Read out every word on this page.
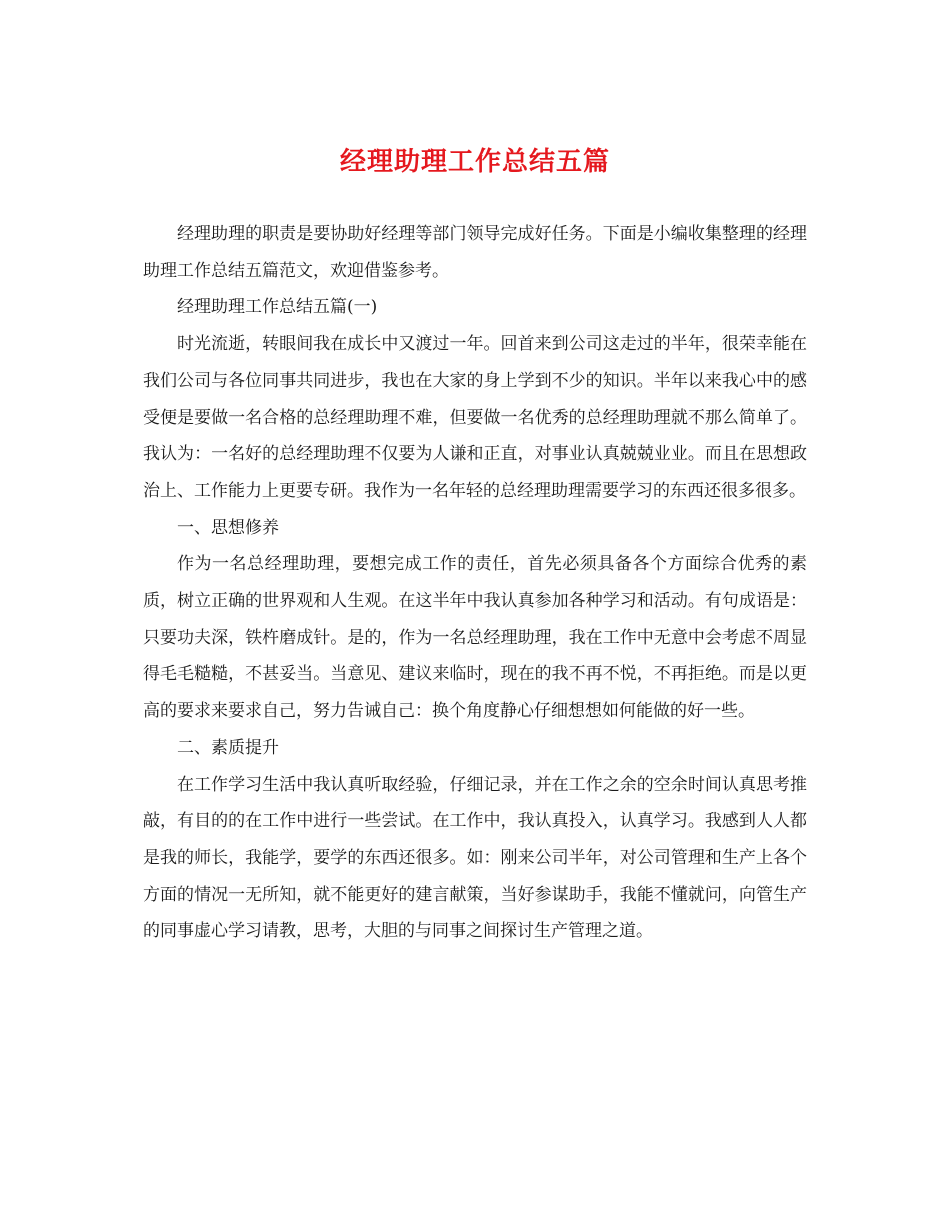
经理助理工作总结五篇

经理助理的职责是要协助好经理等部门领导完成好任务。下面是小编收集整理的经理助理工作总结五篇范文，欢迎借鉴参考。

经理助理工作总结五篇(一)

时光流逝，转眼间我在成长中又渡过一年。回首来到公司这走过的半年，很荣幸能在我们公司与各位同事共同进步，我也在大家的身上学到不少的知识。半年以来我心中的感受便是要做一名合格的总经理助理不难，但要做一名优秀的总经理助理就不那么简单了。我认为：一名好的总经理助理不仅要为人谦和正直，对事业认真兢兢业业。而且在思想政治上、工作能力上更要专研。我作为一名年轻的总经理助理需要学习的东西还很多很多。

一、思想修养

作为一名总经理助理，要想完成工作的责任，首先必须具备各个方面综合优秀的素质，树立正确的世界观和人生观。在这半年中我认真参加各种学习和活动。有句成语是：只要功夫深，铁杵磨成针。是的，作为一名总经理助理，我在工作中无意中会考虑不周显得毛毛糙糙，不甚妥当。当意见、建议来临时，现在的我不再不悦，不再拒绝。而是以更高的要求来要求自己，努力告诫自己：换个角度静心仔细想想如何能做的好一些。

二、素质提升

在工作学习生活中我认真听取经验，仔细记录，并在工作之余的空余时间认真思考推敲，有目的的在工作中进行一些尝试。在工作中，我认真投入，认真学习。我感到人人都是我的师长，我能学，要学的东西还很多。如：刚来公司半年，对公司管理和生产上各个方面的情况一无所知，就不能更好的建言献策，当好参谋助手，我能不懂就问，向管生产的同事虚心学习请教，思考，大胆的与同事之间探讨生产管理之道。
